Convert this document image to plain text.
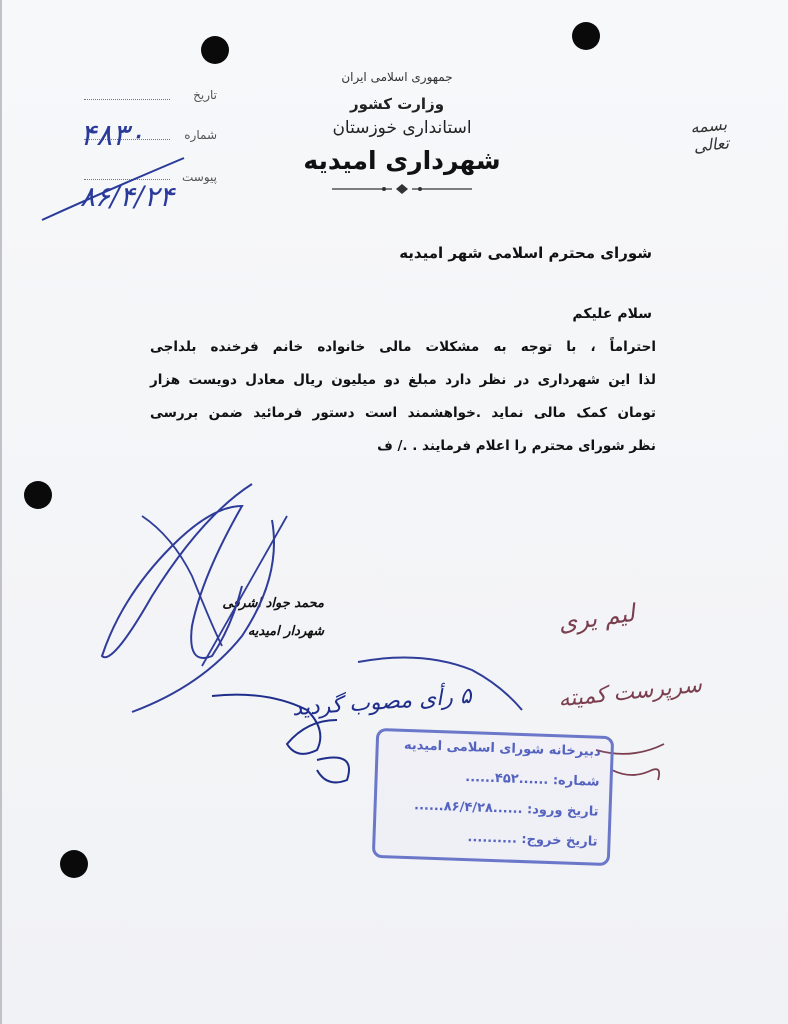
جمهوری اسلامی ایران
وزارت کشور
استانداری خوزستان
شهرداری امیدیه
بسمه تعالی
تاریخ
شماره
پیوست
۴۸۳۰
۸۶/۴/۲۴
شورای محترم اسلامی شهر امیدیه
سلام علیکم
احتراماً ، با توجه به مشکلات مالی خانواده خانم فرخنده بلداجی
لذا این شهرداری در نظر دارد مبلغ دو میلیون ریال معادل دویست هزار
تومان کمک مالی نماید .خواهشمند است دستور فرمائید ضمن بررسی
نظر شورای محترم را اعلام فرمایند . ./ ف
محمد جواد اشرفی
شهردار امیدیه
۵ رأی مصوب گردید
لیم یری
سرپرست کمیته
دبیرخانه شورای اسلامی امیدیه
شماره: ......۴۵۲......
تاریخ ورود: ......۸۶/۴/۲۸......
تاریخ خروج: ..........
